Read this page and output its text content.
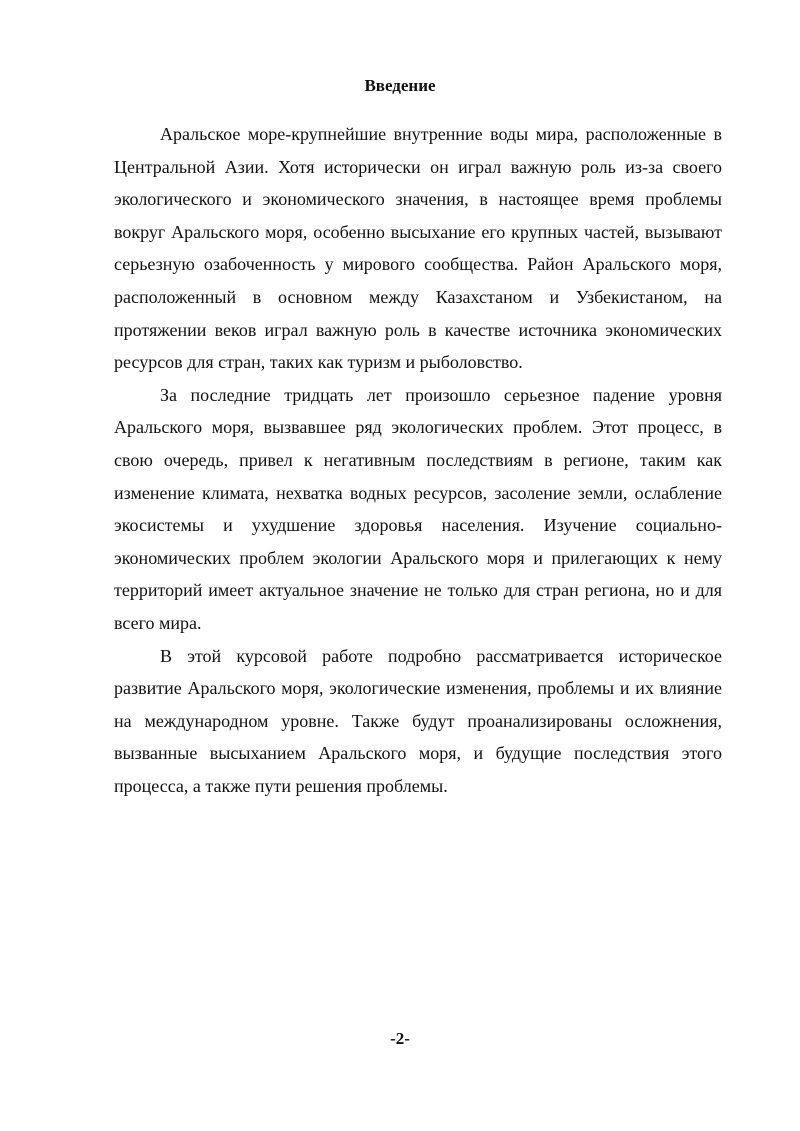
Введение

Аральское море-крупнейшие внутренние воды мира, расположенные в Центральной Азии. Хотя исторически он играл важную роль из-за своего экологического и экономического значения, в настоящее время проблемы вокруг Аральского моря, особенно высыхание его крупных частей, вызывают серьезную озабоченность у мирового сообщества. Район Аральского моря, расположенный в основном между Казахстаном и Узбекистаном, на протяжении веков играл важную роль в качестве источника экономических ресурсов для стран, таких как туризм и рыболовство.

За последние тридцать лет произошло серьезное падение уровня Аральского моря, вызвавшее ряд экологических проблем. Этот процесс, в свою очередь, привел к негативным последствиям в регионе, таким как изменение климата, нехватка водных ресурсов, засоление земли, ослабление экосистемы и ухудшение здоровья населения. Изучение социально-экономических проблем экологии Аральского моря и прилегающих к нему территорий имеет актуальное значение не только для стран региона, но и для всего мира.

В этой курсовой работе подробно рассматривается историческое развитие Аральского моря, экологические изменения, проблемы и их влияние на международном уровне. Также будут проанализированы осложнения, вызванные высыханием Аральского моря, и будущие последствия этого процесса, а также пути решения проблемы.

-2-
